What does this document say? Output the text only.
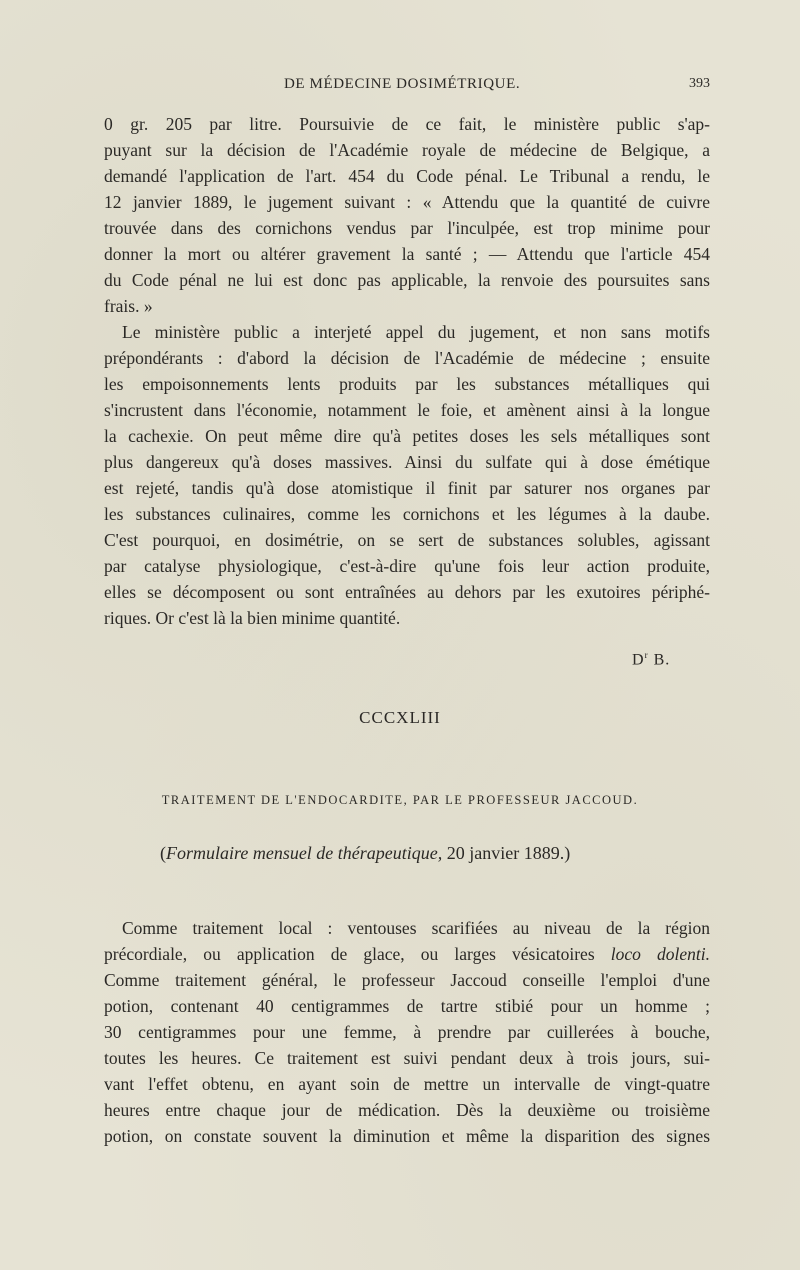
DE MÉDECINE DOSIMÉTRIQUE.	393

0 gr. 205 par litre. Poursuivie de ce fait, le ministère public s'ap-
puyant sur la décision de l'Académie royale de médecine de Belgique, a
demandé l'application de l'art. 454 du Code pénal. Le Tribunal a rendu, le
12 janvier 1889, le jugement suivant : « Attendu que la quantité de cuivre
trouvée dans des cornichons vendus par l'inculpée, est trop minime pour
donner la mort ou altérer gravement la santé ; — Attendu que l'article 454
du Code pénal ne lui est donc pas applicable, la renvoie des poursuites sans
frais. »

Le ministère public a interjeté appel du jugement, et non sans motifs
prépondérants : d'abord la décision de l'Académie de médecine ; ensuite
les empoisonnements lents produits par les substances métalliques qui
s'incrustent dans l'économie, notamment le foie, et amènent ainsi à la longue
la cachexie. On peut même dire qu'à petites doses les sels métalliques sont
plus dangereux qu'à doses massives. Ainsi du sulfate qui à dose émétique
est rejeté, tandis qu'à dose atomistique il finit par saturer nos organes par
les substances culinaires, comme les cornichons et les légumes à la daube.
C'est pourquoi, en dosimétrie, on se sert de substances solubles, agissant
par catalyse physiologique, c'est-à-dire qu'une fois leur action produite,
elles se décomposent ou sont entraînées au dehors par les exutoires périphé-
riques. Or c'est là la bien minime quantité.

$D^r$ B.
CCCXLIII
TRAITEMENT DE L'ENDOCARDITE, PAR LE PROFESSEUR JACCOUD.
(Formulaire mensuel de thérapeutique, 20 janvier 1889.)

Comme traitement local : ventouses scarifiées au niveau de la région
précordiale, ou application de glace, ou larges vésicatoires loco dolenti.
Comme traitement général, le professeur Jaccoud conseille l'emploi d'une
potion, contenant 40 centigrammes de tartre stibié pour un homme ;
30 centigrammes pour une femme, à prendre par cuillerées à bouche,
toutes les heures. Ce traitement est suivi pendant deux à trois jours, sui-
vant l'effet obtenu, en ayant soin de mettre un intervalle de vingt-quatre
heures entre chaque jour de médication. Dès la deuxième ou troisième
potion, on constate souvent la diminution et même la disparition des signes
